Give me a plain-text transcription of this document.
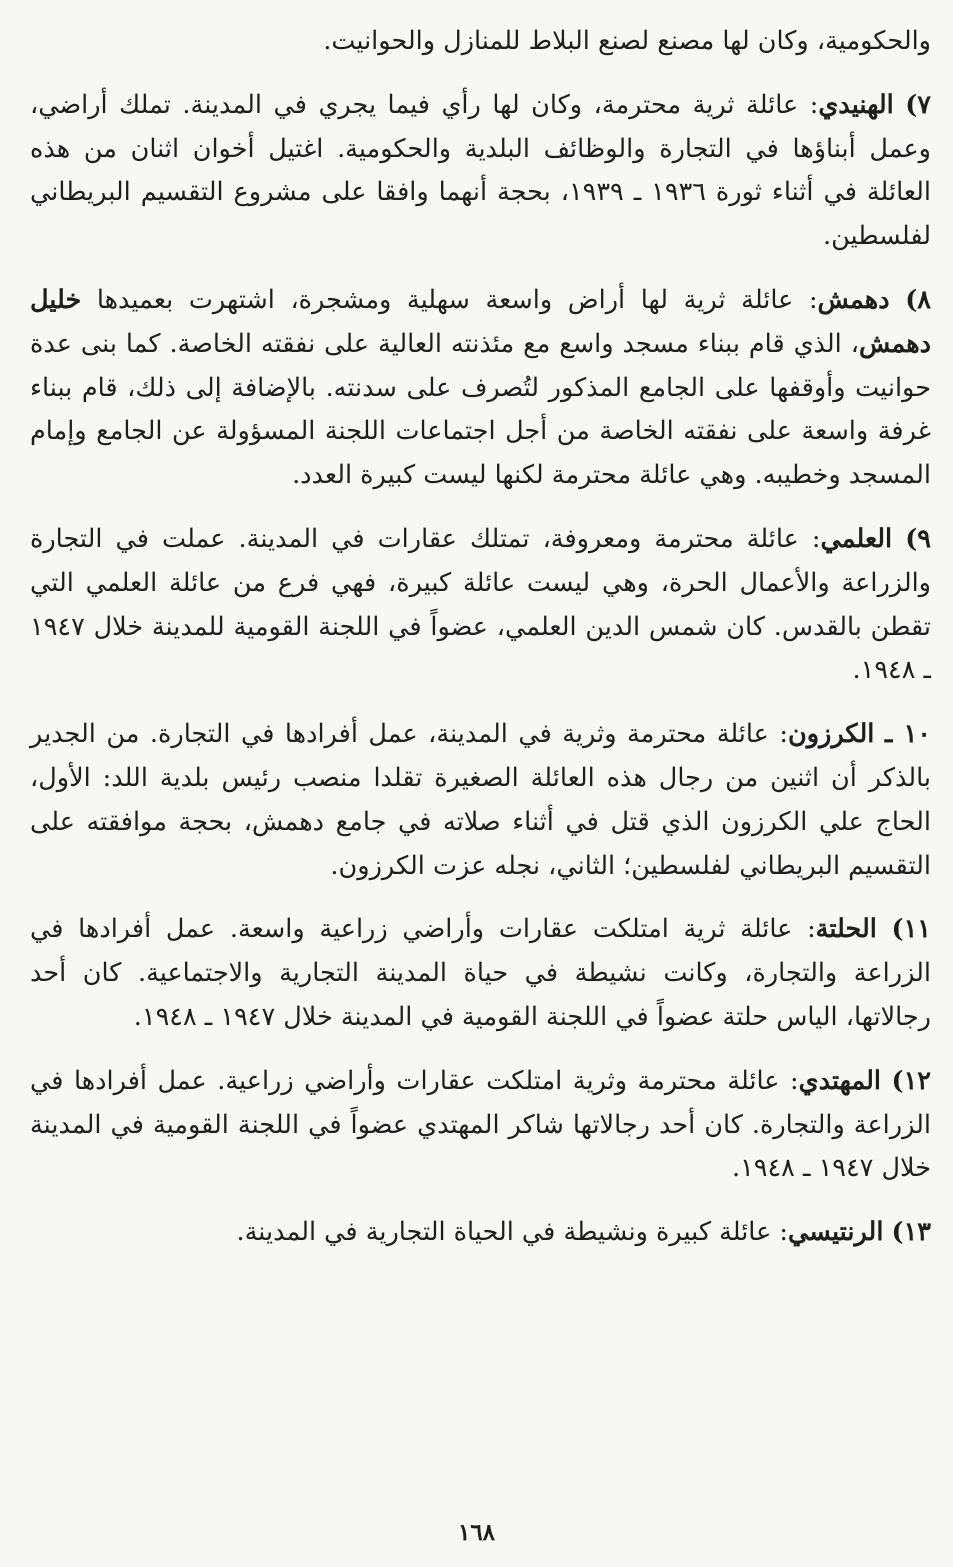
والحكومية، وكان لها مصنع لصنع البلاط للمنازل والحوانيت.

٧) الهنيدي: عائلة ثرية محترمة، وكان لها رأي فيما يجري في المدينة. تملك أراضي، وعمل أبناؤها في التجارة والوظائف البلدية والحكومية. اغتيل أخوان اثنان من هذه العائلة في أثناء ثورة ١٩٣٦ ـ ١٩٣٩، بحجة أنهما وافقا على مشروع التقسيم البريطاني لفلسطين.

٨) دهمش: عائلة ثرية لها أراض واسعة سهلية ومشجرة، اشتهرت بعميدها خليل دهمش، الذي قام ببناء مسجد واسع مع مئذنته العالية على نفقته الخاصة. كما بنى عدة حوانيت وأوقفها على الجامع المذكور لتُصرف على سدنته. بالإضافة إلى ذلك، قام ببناء غرفة واسعة على نفقته الخاصة من أجل اجتماعات اللجنة المسؤولة عن الجامع وإمام المسجد وخطيبه. وهي عائلة محترمة لكنها ليست كبيرة العدد.

٩) العلمي: عائلة محترمة ومعروفة، تمتلك عقارات في المدينة. عملت في التجارة والزراعة والأعمال الحرة، وهي ليست عائلة كبيرة، فهي فرع من عائلة العلمي التي تقطن بالقدس. كان شمس الدين العلمي، عضواً في اللجنة القومية للمدينة خلال ١٩٤٧ ـ ١٩٤٨.

١٠ ـ الكرزون: عائلة محترمة وثرية في المدينة، عمل أفرادها في التجارة. من الجدير بالذكر أن اثنين من رجال هذه العائلة الصغيرة تقلدا منصب رئيس بلدية اللد: الأول، الحاج علي الكرزون الذي قتل في أثناء صلاته في جامع دهمش، بحجة موافقته على التقسيم البريطاني لفلسطين؛ الثاني، نجله عزت الكرزون.

١١) الحلتة: عائلة ثرية امتلكت عقارات وأراضي زراعية واسعة. عمل أفرادها في الزراعة والتجارة، وكانت نشيطة في حياة المدينة التجارية والاجتماعية. كان أحد رجالاتها، الياس حلتة عضواً في اللجنة القومية في المدينة خلال ١٩٤٧ ـ ١٩٤٨.

١٢) المهتدي: عائلة محترمة وثرية امتلكت عقارات وأراضي زراعية. عمل أفرادها في الزراعة والتجارة. كان أحد رجالاتها شاكر المهتدي عضواً في اللجنة القومية في المدينة خلال ١٩٤٧ ـ ١٩٤٨.

١٣) الرنتيسي: عائلة كبيرة ونشيطة في الحياة التجارية في المدينة.

١٦٨
